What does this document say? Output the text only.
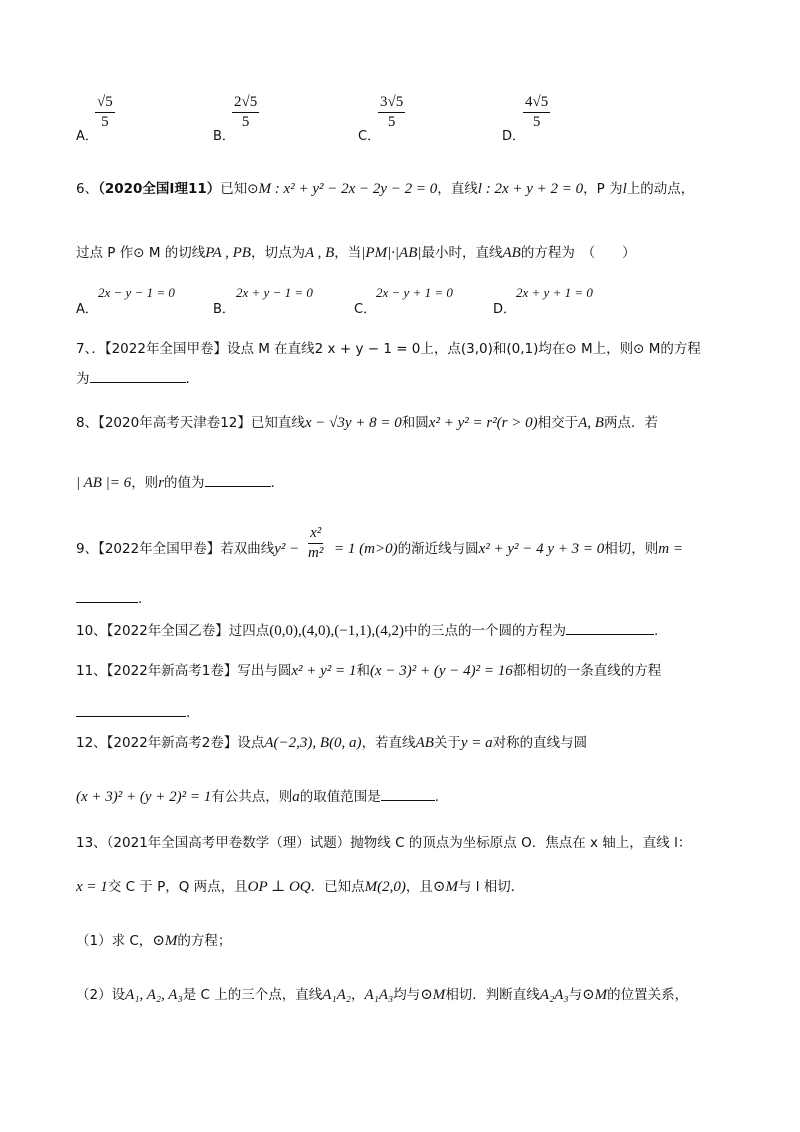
A．
√5
5
B．
2√5
5
C．
3√5
5
D．
4√5
5
6、（2020全国Ⅰ理11）已知⊙M : x² + y² − 2x − 2y − 2 = 0，直线l : 2x + y + 2 = 0，P 为l上的动点，
过点 P 作⊙ M 的切线PA , PB，切点为A , B，当|PM|·|AB|最小时，直线AB的方程为　（　　）
A．
2x − y − 1 = 0
B．
2x + y − 1 = 0
C．
2x − y + 1 = 0
D．
2x + y + 1 = 0
7、．【2022年全国甲卷】设点 M 在直线2 x + y − 1 = 0上，点(3,0)和(0,1)均在⊙ M上，则⊙ M的方程
为	.
8、【2020年高考天津卷12】已知直线x − √3y + 8 = 0和圆x² + y² = r²(r > 0)相交于A, B两点．若
| AB |= 6，则r的值为	.
9、【2022年全国甲卷】若双曲线y² −
x²
m² = 1 (m>0)的渐近线与圆x² + y² − 4 y + 3 = 0相切，则m =
.
10、【2022年全国乙卷】过四点(0,0),(4,0),(−1,1),(4,2)中的三点的一个圆的方程为	.
11、【2022年新高考1卷】写出与圆x² + y² = 1和(x − 3)² + (y − 4)² = 16都相切的一条直线的方程
.
12、【2022年新高考2卷】设点A(−2,3), B(0, a)，若直线AB关于y = a对称的直线与圆
(x + 3)² + (y + 2)² = 1有公共点，则a的取值范围是	.
13、（2021年全国高考甲卷数学（理）试题）抛物线 C 的顶点为坐标原点 O．焦点在 x 轴上，直线 l：
x = 1交 C 于 P，Q 两点，且OP ⊥ OQ．已知点M(2,0)，且⊙M与 l 相切．
（1）求 C，⊙M的方程；
（2）设A₁, A₂, A₃是 C 上的三个点，直线A₁A₂，A₁A₃均与⊙M相切．判断直线A₂A₃与⊙M的位置关系，
